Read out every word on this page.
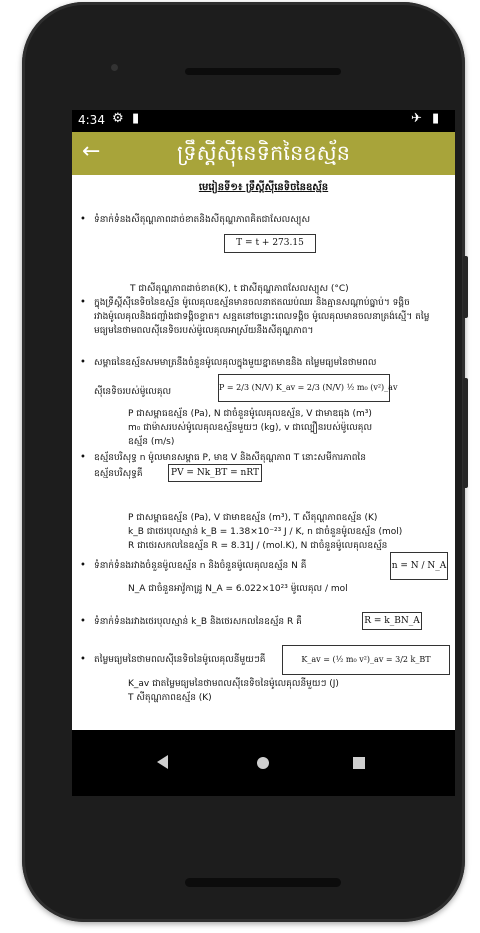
4:34 ⚙ ▮	✈ ▮
←	ទ្រឹស្ដីស៊ីនេទិកនៃឧស្ម័ន
មេរៀនទី១៖ ទ្រឹស្ដីស៊ីនេទិចនៃឧស្ម័ន
• ទំនាក់ទំនងសីតុណ្ហភាពដាច់ខាតនិងសីតុណ្ហភាពគិតជាសែលស្យុស
T = t + 273.15
T ជាសីតុណ្ហភាពដាច់ខាត(K), t ជាសីតុណ្ហភាពសែលស្យុស (°C)
• ក្នុងទ្រឹស្ដីស៊ីនេទិចនៃឧស្ម័ន ម៉ូលេគុលឧស្ម័នមានចលនាឥតឈប់ឈរ និងគ្មានសណ្ដាប់ធ្នាប់។ ទង្គិចរវាងម៉ូលេគុលនិងជញ្ជាំងជាទង្គិចខ្ទាត។ សន្មតនៅចន្លោះពេលទង្គិច ម៉ូលេគុលមានចលនាត្រង់ស្មើ។ តម្លៃមធ្យមនៃថាមពលស៊ីនេទិចរបស់ម៉ូលេគុលអាស្រ័យនឹងសីតុណ្ហភាព។
• សម្ពាធនៃឧស្ម័នសមមាត្រនឹងចំនួនម៉ូលេគុលក្នុងមួយខ្នាតមាឌនិង តម្លៃមធ្យមនៃថាមពល
ស៊ីនេទិចរបស់ម៉ូលេគុល	P = 2/3 (N/V) K_av = 2/3 (N/V) ½ m₀ (v²)_av
P ជាសម្ពាធឧស្ម័ន (Pa), N ជាចំនួនម៉ូលេគុលឧស្ម័ន, V ជាមាឌធុង (m³)
m₀ ជាម៉ាសរបស់ម៉ូលេគុលឧស្ម័នមួយៗ (kg), v ជាល្បឿនរបស់ម៉ូលេគុល
ឧស្ម័ន (m/s)
• ឧស្ម័នបរិសុទ្ធ n ម៉ូលមានសម្ពាធ P, មាឌ V និងសីតុណ្ហភាព T នោះសមីការភាពនៃ
ឧស្ម័នបរិសុទ្ធគឺ	PV = Nk_BT = nRT
P ជាសម្ពាធឧស្ម័ន (Pa), V ជាមាឌឧស្ម័ន (m³), T សីតុណ្ហភាពឧស្ម័ន (K)
k_B ជាថេរបុលស្មាន់ k_B = 1.38×10⁻²³ J / K, n ជាចំនួនម៉ូលឧស្ម័ន (mol)
R ជាថេរសកលនៃឧស្ម័ន R = 8.31J / (mol.K), N ជាចំនួនម៉ូលេគុលឧស្ម័ន
• ទំនាក់ទំនងរវាងចំនួនម៉ូលឧស្ម័ន n និងចំនួនម៉ូលេគុលឧស្ម័ន N គឺ	n = N / N_A
N_A ជាចំនួនអាវ៉ូកាដ្រូ N_A = 6.022×10²³ ម៉ូលេគុល / mol
• ទំនាក់ទំនងរវាងថេរបុលស្មាន់ k_B និងថេរសកលនៃឧស្ម័ន R គឺ	R = k_BN_A
• តម្លៃមធ្យមនៃថាមពលស៊ីនេទិចនៃម៉ូលេគុលនីមួយៗគឺ	K_av = (½ m₀ v²)_av = 3/2 k_BT
K_av ជាតម្លៃមធ្យមនៃថាមពលស៊ីនេទិចនៃម៉ូលេគុលនីមួយៗ (J)
T សីតុណ្ហភាពឧស្ម័ន (K)
